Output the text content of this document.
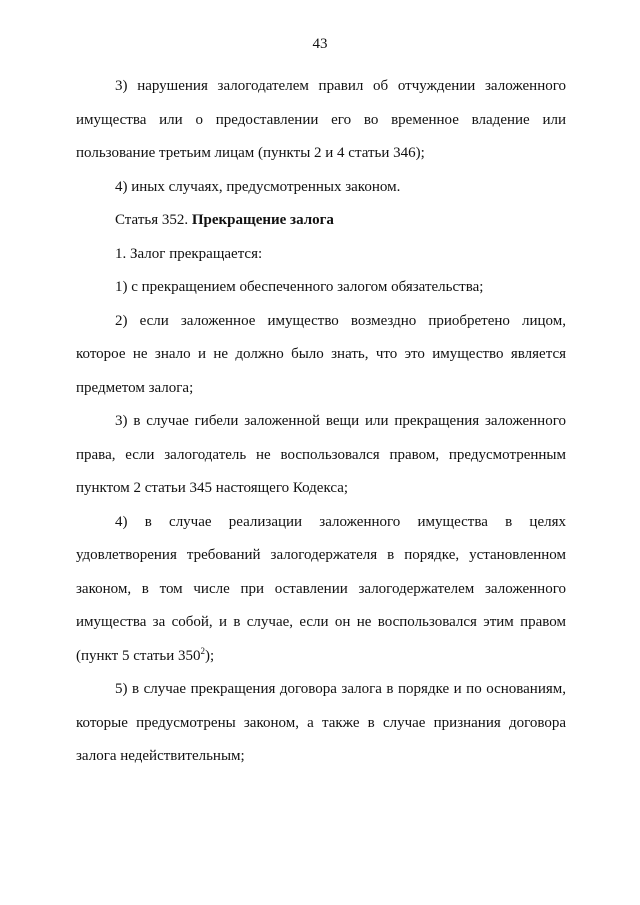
43

3) нарушения залогодателем правил об отчуждении заложенного имущества или о предоставлении его во временное владение или пользование третьим лицам (пункты 2 и 4 статьи 346);

4) иных случаях, предусмотренных законом.

Статья 352. Прекращение залога

1. Залог прекращается:

1) с прекращением обеспеченного залогом обязательства;

2) если заложенное имущество возмездно приобретено лицом, которое не знало и не должно было знать, что это имущество является предметом залога;

3) в случае гибели заложенной вещи или прекращения заложенного права, если залогодатель не воспользовался правом, предусмотренным пунктом 2 статьи 345 настоящего Кодекса;

4) в случае реализации заложенного имущества в целях удовлетворения требований залогодержателя в порядке, установленном законом, в том числе при оставлении залогодержателем заложенного имущества за собой, и в случае, если он не воспользовался этим правом (пункт 5 статьи $350^2$);

5) в случае прекращения договора залога в порядке и по основаниям, которые предусмотрены законом, а также в случае признания договора залога недействительным;
